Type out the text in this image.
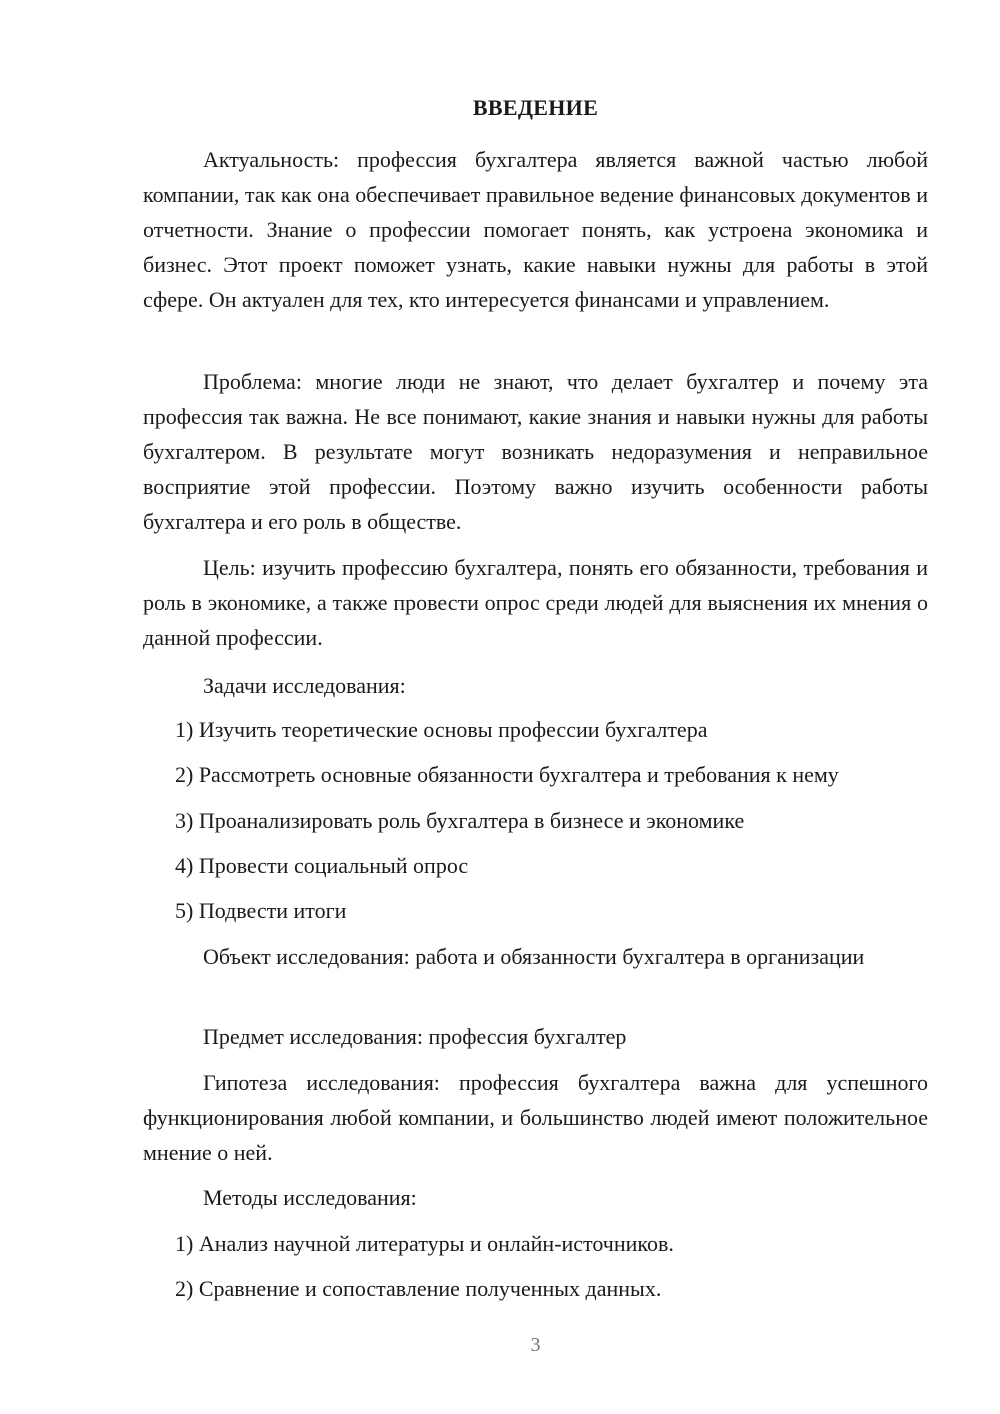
ВВЕДЕНИЕ

Актуальность: профессия бухгалтера является важной частью любой компании, так как она обеспечивает правильное ведение финансовых документов и отчетности. Знание о профессии помогает понять, как устроена экономика и бизнес. Этот проект поможет узнать, какие навыки нужны для работы в этой сфере. Он актуален для тех, кто интересуется финансами и управлением.

Проблема: многие люди не знают, что делает бухгалтер и почему эта профессия так важна. Не все понимают, какие знания и навыки нужны для работы бухгалтером. В результате могут возникать недоразумения и неправильное восприятие этой профессии. Поэтому важно изучить особенности работы бухгалтера и его роль в обществе.

Цель: изучить профессию бухгалтера, понять его обязанности, требования и роль в экономике, а также провести опрос среди людей для выяснения их мнения о данной профессии.

Задачи исследования:

1) Изучить теоретические основы профессии бухгалтера

2) Рассмотреть основные обязанности бухгалтера и требования к нему

3) Проанализировать роль бухгалтера в бизнесе и экономике

4) Провести социальный опрос

5) Подвести итоги

Объект исследования: работа и обязанности бухгалтера в организации

Предмет исследования: профессия бухгалтер

Гипотеза исследования: профессия бухгалтера важна для успешного функционирования любой компании, и большинство людей имеют положительное мнение о ней.

Методы исследования:

1) Анализ научной литературы и онлайн-источников.

2) Сравнение и сопоставление полученных данных.

3
